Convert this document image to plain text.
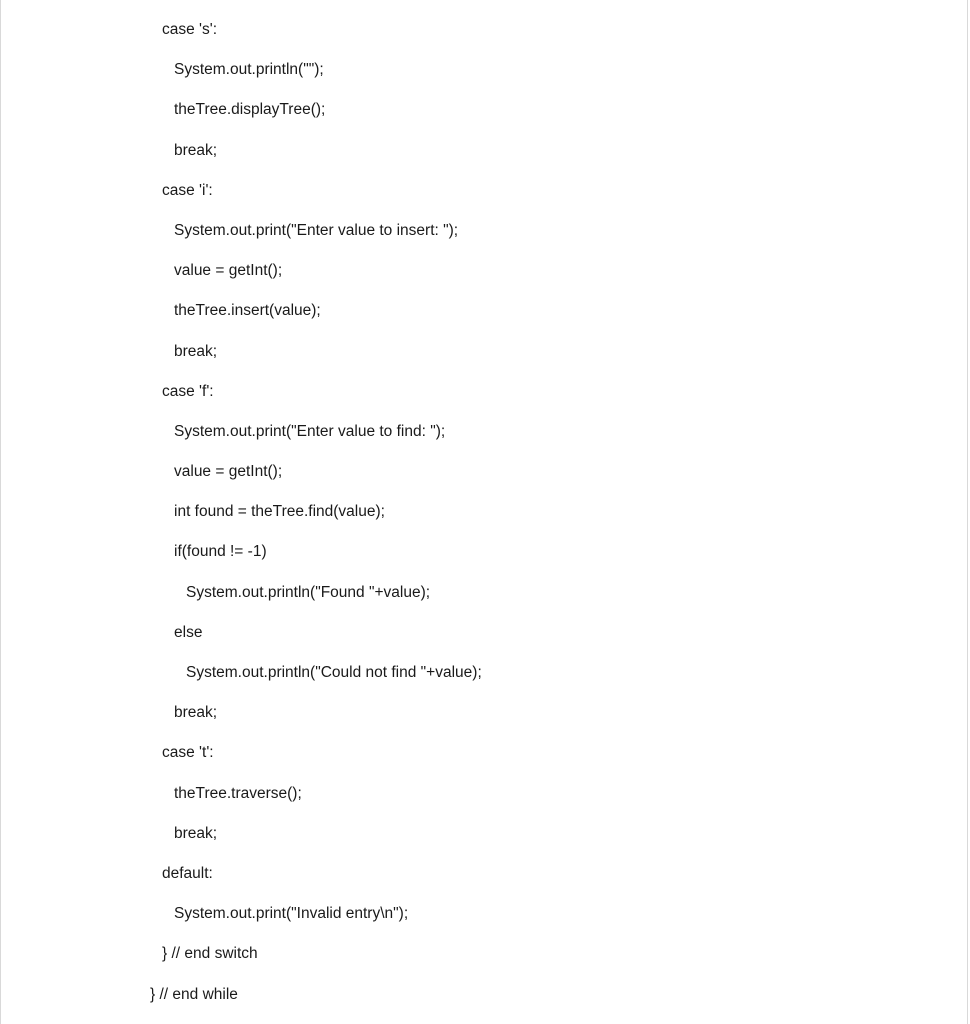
case 's':
System.out.println("");
theTree.displayTree();
break;
case 'i':
System.out.print("Enter value to insert: ");
value = getInt();
theTree.insert(value);
break;
case 'f':
System.out.print("Enter value to find: ");
value = getInt();
int found = theTree.find(value);
if(found != -1)
System.out.println("Found "+value);
else
System.out.println("Could not find "+value);
break;
case 't':
theTree.traverse();
break;
default:
System.out.print("Invalid entry\n");
} // end switch
} // end while
